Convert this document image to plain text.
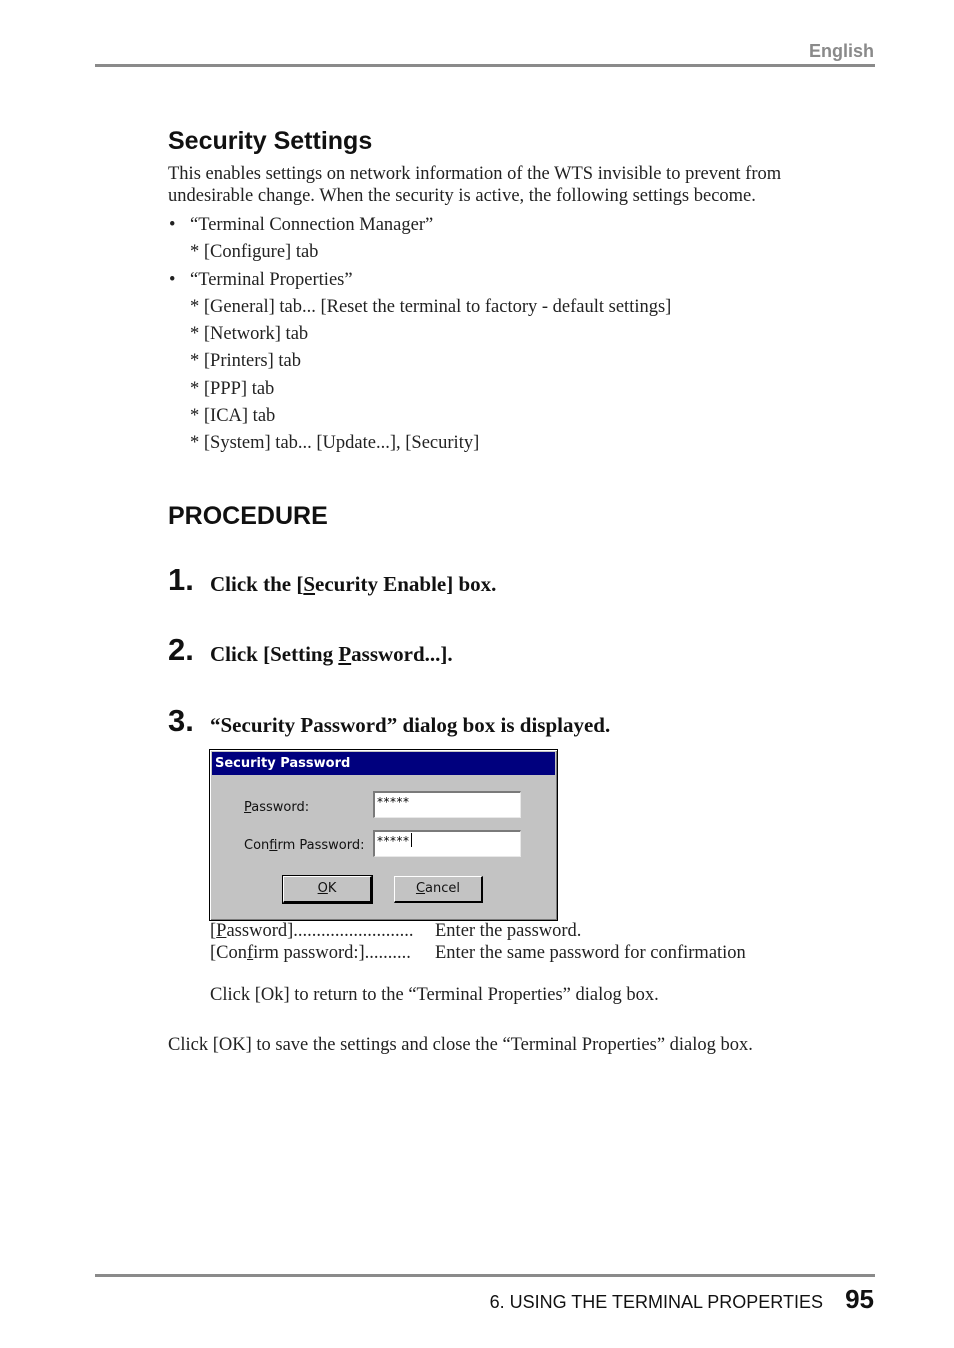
English
Security Settings
This enables settings on network information of the WTS invisible to prevent from undesirable change. When the security is active, the following settings become.
• “Terminal Connection Manager”
* [Configure] tab
• “Terminal Properties”
* [General] tab... [Reset the terminal to factory - default settings]
* [Network] tab
* [Printers] tab
* [PPP] tab
* [ICA] tab
* [System] tab... [Update...], [Security]
PROCEDURE
1. Click the [Security Enable] box.
2. Click [Setting Password...].
3. “Security Password” dialog box is displayed.
Security Password
Password:	*****
Confirm Password:	*****
OK	Cancel
[Password].......................... Enter the password.
[Confirm password:].......... Enter the same password for confirmation
Click [Ok] to return to the “Terminal Properties” dialog box.
Click [OK] to save the settings and close the “Terminal Properties” dialog box.
6. USING THE TERMINAL PROPERTIES 95
